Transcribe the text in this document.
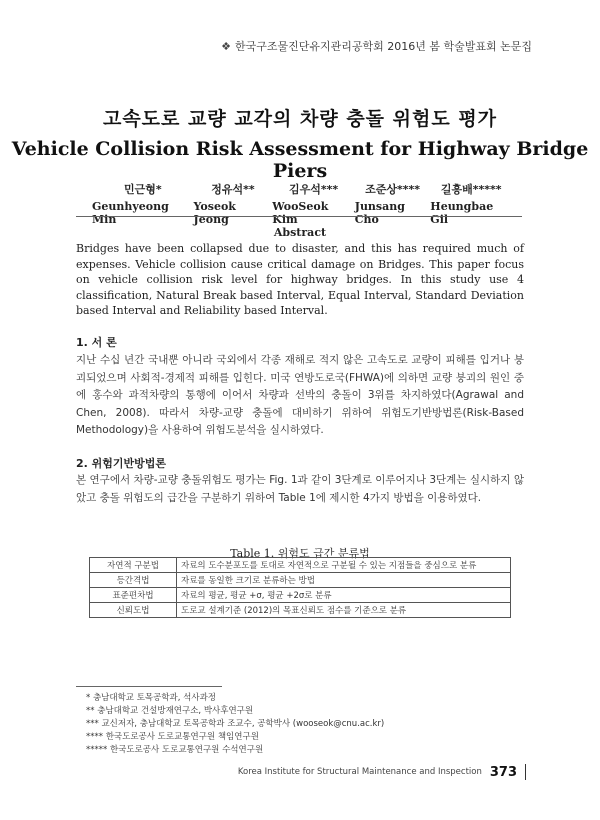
❖ 한국구조물진단유지관리공학회 2016년 봄 학술발표회 논문집
고속도로 교량 교각의 차량 충돌 위험도 평가
Vehicle Collision Risk Assessment for Highway Bridge Piers
민근형*
Geunhyeong Min
정유석**
Yoseok Jeong
김우석***
WooSeok Kim
조준상****
Junsang Cho
길흥배*****
Heungbae Gil
Abstract
Bridges have been collapsed due to disaster, and this has required much of expenses. Vehicle collision cause critical damage on Bridges. This paper focus on vehicle collision risk level for highway bridges. In this study use 4 classification, Natural Break based Interval, Equal Interval, Standard Deviation based Interval and Reliability based Interval.
1. 서 론
지난 수십 년간 국내뿐 아니라 국외에서 각종 재해로 적지 않은 고속도로 교량이 피해를 입거나 붕괴되었으며 사회적-경제적 피해를 입힌다. 미국 연방도로국(FHWA)에 의하면 교량 붕괴의 원인 중에 홍수와 과적차량의 통행에 이어서 차량과 선박의 충돌이 3위를 차지하였다(Agrawal and Chen, 2008). 따라서 차량-교량 충돌에 대비하기 위하여 위험도기반방법론(Risk-Based Methodology)을 사용하여 위험도분석을 실시하였다.
2. 위험기반방법론
본 연구에서 차량-교량 충돌위험도 평가는 Fig. 1과 같이 3단계로 이루어지나 3단계는 실시하지 않았고 충돌 위험도의 급간을 구분하기 위하여 Table 1에 제시한 4가지 방법을 이용하였다.
Table 1. 위험도 급간 분류법
자연적 구분법	자료의 도수분포도를 토대로 자연적으로 구분될 수 있는 지점들을 중심으로 분류
등간격법	자료를 동일한 크기로 분류하는 방법
표준편차법	자료의 평균, 평균 +σ, 평균 +2σ로 분류
신뢰도법	도로교 설계기준 (2012)의 목표신뢰도 점수를 기준으로 분류
* 충남대학교 토목공학과, 석사과정
** 충남대학교 건설방재연구소, 박사후연구원
*** 교신저자, 충남대학교 토목공학과 조교수, 공학박사 (wooseok@cnu.ac.kr)
**** 한국도로공사 도로교통연구원 책임연구원
***** 한국도로공사 도로교통연구원 수석연구원
Korea Institute for Structural Maintenance and Inspection 373
